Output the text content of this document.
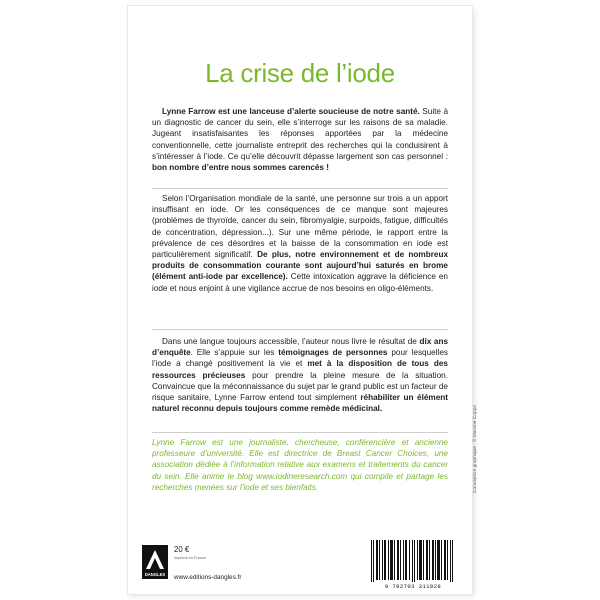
La crise de l’iode

Lynne Farrow est une lanceuse d’alerte soucieuse de notre santé. Suite à un diagnostic de cancer du sein, elle s’interroge sur les raisons de sa maladie. Jugeant insatisfaisantes les réponses apportées par la médecine conventionnelle, cette journaliste entreprit des recherches qui la conduisirent à s’intéresser à l’iode. Ce qu’elle découvrit dépasse largement son cas personnel : bon nombre d’entre nous sommes carencés !

Selon l’Organisation mondiale de la santé, une personne sur trois a un apport insuffisant en iode. Or les conséquences de ce manque sont majeures (problèmes de thyroïde, cancer du sein, fibromyalgie, surpoids, fatigue, difficultés de concentration, dépression...). Sur une même période, le rapport entre la prévalence de ces désordres et la baisse de la consommation en iode est particulièrement significatif. De plus, notre environnement et de nombreux produits de consommation courante sont aujourd’hui saturés en brome (élément anti-iode par excellence). Cette intoxication aggrave la déficience en iode et nous enjoint à une vigilance accrue de nos besoins en oligo-éléments.

Dans une langue toujours accessible, l’auteur nous livre le résultat de dix ans d’enquête. Elle s’appuie sur les témoignages de personnes pour lesquelles l’iode a changé positivement la vie et met à la disposition de tous des ressources précieuses pour prendre la pleine mesure de la situation. Convaincue que la méconnaissance du sujet par le grand public est un facteur de risque sanitaire, Lynne Farrow entend tout simplement réhabiliter un élément naturel reconnu depuis toujours comme remède médicinal.

Lynne Farrow est une journaliste, chercheuse, conférencière et ancienne professeure d’université. Elle est directrice de Breast Cancer Choices, une association dédiée à l’information relative aux examens et traitements du cancer du sein. Elle anime le blog www.iodineresearch.com qui compile et partage les recherches menées sur l’iode et ses bienfaits.	Conception graphique : © Maxime Coppo
DANGLES
20 €
Imprimé en France
www.editions-dangles.fr
9 782703 311828
